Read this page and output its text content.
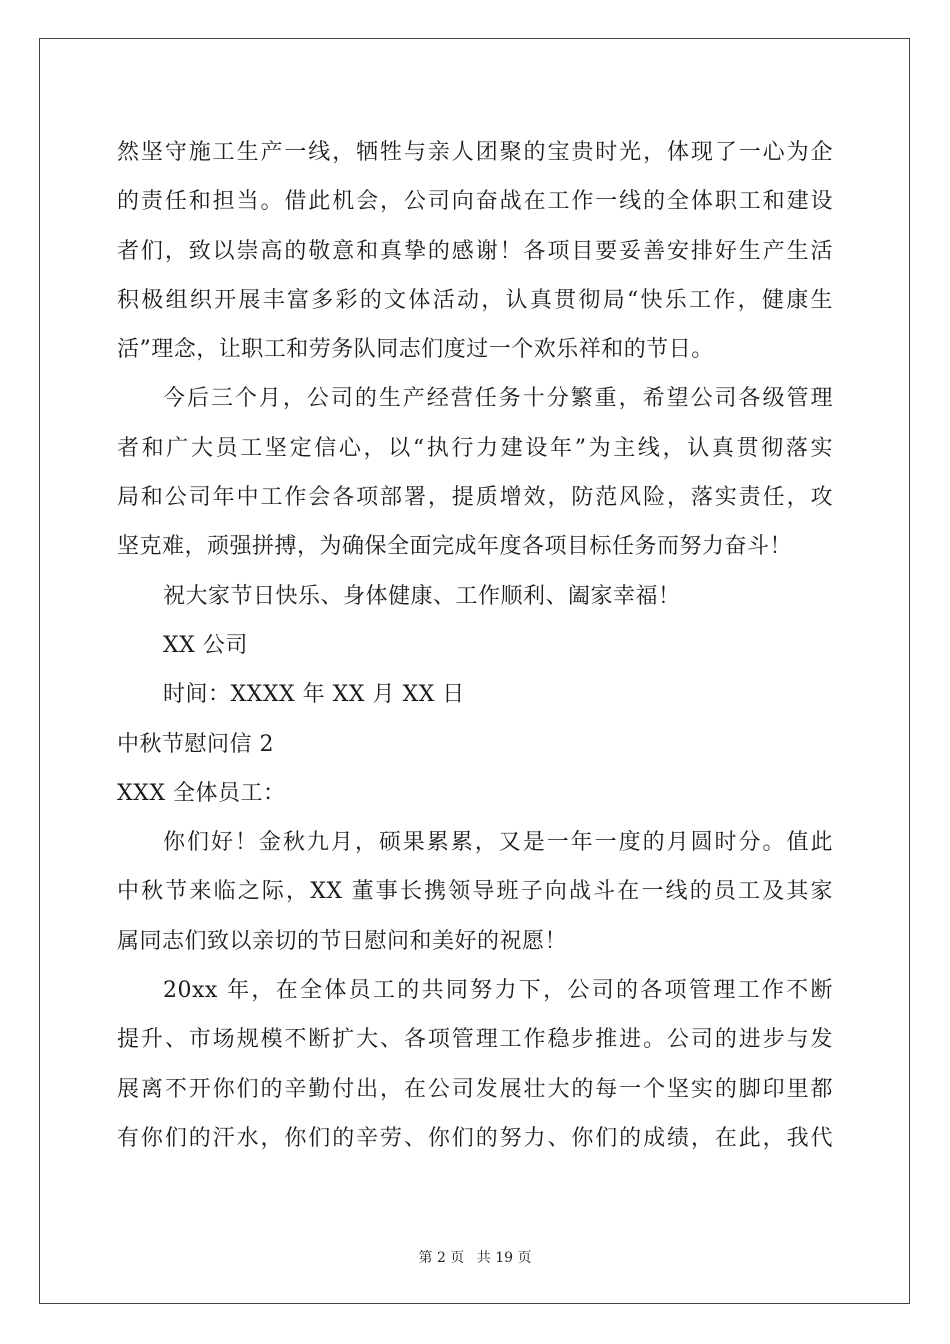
然坚守施工生产一线，牺牲与亲人团聚的宝贵时光，体现了一心为企
的责任和担当。借此机会，公司向奋战在工作一线的全体职工和建设
者们，致以崇高的敬意和真挚的感谢！各项目要妥善安排好生产生活
积极组织开展丰富多彩的文体活动，认真贯彻局“快乐工作，健康生
活”理念，让职工和劳务队同志们度过一个欢乐祥和的节日。
今后三个月，公司的生产经营任务十分繁重，希望公司各级管理
者和广大员工坚定信心，以“执行力建设年”为主线，认真贯彻落实
局和公司年中工作会各项部署，提质增效，防范风险，落实责任，攻
坚克难，顽强拼搏，为确保全面完成年度各项目标任务而努力奋斗！
祝大家节日快乐、身体健康、工作顺利、阖家幸福！
XX 公司
时间：XXXX 年 XX 月 XX 日
中秋节慰问信 2
XXX 全体员工：
你们好！金秋九月，硕果累累，又是一年一度的月圆时分。值此
中秋节来临之际，XX 董事长携领导班子向战斗在一线的员工及其家
属同志们致以亲切的节日慰问和美好的祝愿！
20xx 年，在全体员工的共同努力下，公司的各项管理工作不断
提升、市场规模不断扩大、各项管理工作稳步推进。公司的进步与发
展离不开你们的辛勤付出，在公司发展壮大的每一个坚实的脚印里都
有你们的汗水，你们的辛劳、你们的努力、你们的成绩，在此，我代
第 2 页 共 19 页
